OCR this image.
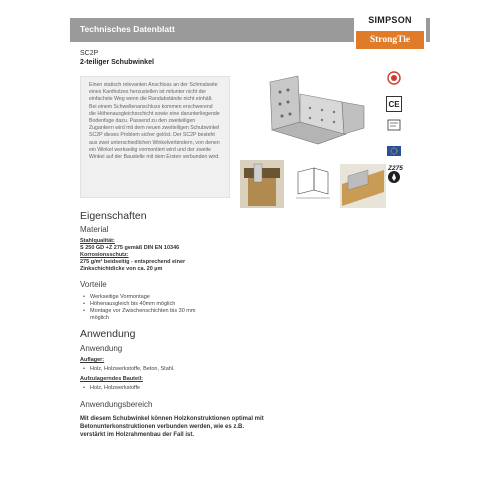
Technisches Datenblatt
SIMPSON
StrongTie
SC2P
2-teiliger Schubwinkel
Einen statisch relevanten Anschluss an der Schmalseite eines Kantholzes herzustellen ist mitunter nicht der einfachste Weg wenn die Randabstände nicht einhält. Bei einem Schwellenanschluss kommen erschwerend die Höhenausgleichsschicht sowie eine darunterliegende Bodenfuge dazu. Passend zu den zweiteiligen Zugankern wird mit dem neuen zweiteiligen Schubwinkel SC2P dieses Problem sicher gelöst. Der SC2P besteht aus zwei unterschiedlichen Winkelverbindern, von denen ein Winkel werkseitig vormontiert wird und der zweite Winkel auf der Baustelle mit dem Ersten verbunden wird.
CE

Z275
Eigenschaften
Material
Stahlqualität:
S 250 GD +Z 275 gemäß DIN EN 10346
Korrosionsschutz:
275 g/m² beidseitig - entsprechend einer
Zinkschichtdicke von ca. 20 µm
Vorteile
• Werkseitige Vormontage
• Höhenausgleich bis 40mm möglich
• Montage vor Zwischenschichten bis 30 mm möglich
Anwendung
Anwendung
Auflager:
• Holz, Holzwerkstoffe, Beton, Stahl.
Aufzulagerndes Bauteil:
• Holz, Holzwerkstoffe
Anwendungsbereich
Mit diesem Schubwinkel können Holzkonstruktionen optimal mit Betonunterkonstruktionen verbunden werden, wie es z.B. verstärkt im Holzrahmenbau der Fall ist.
